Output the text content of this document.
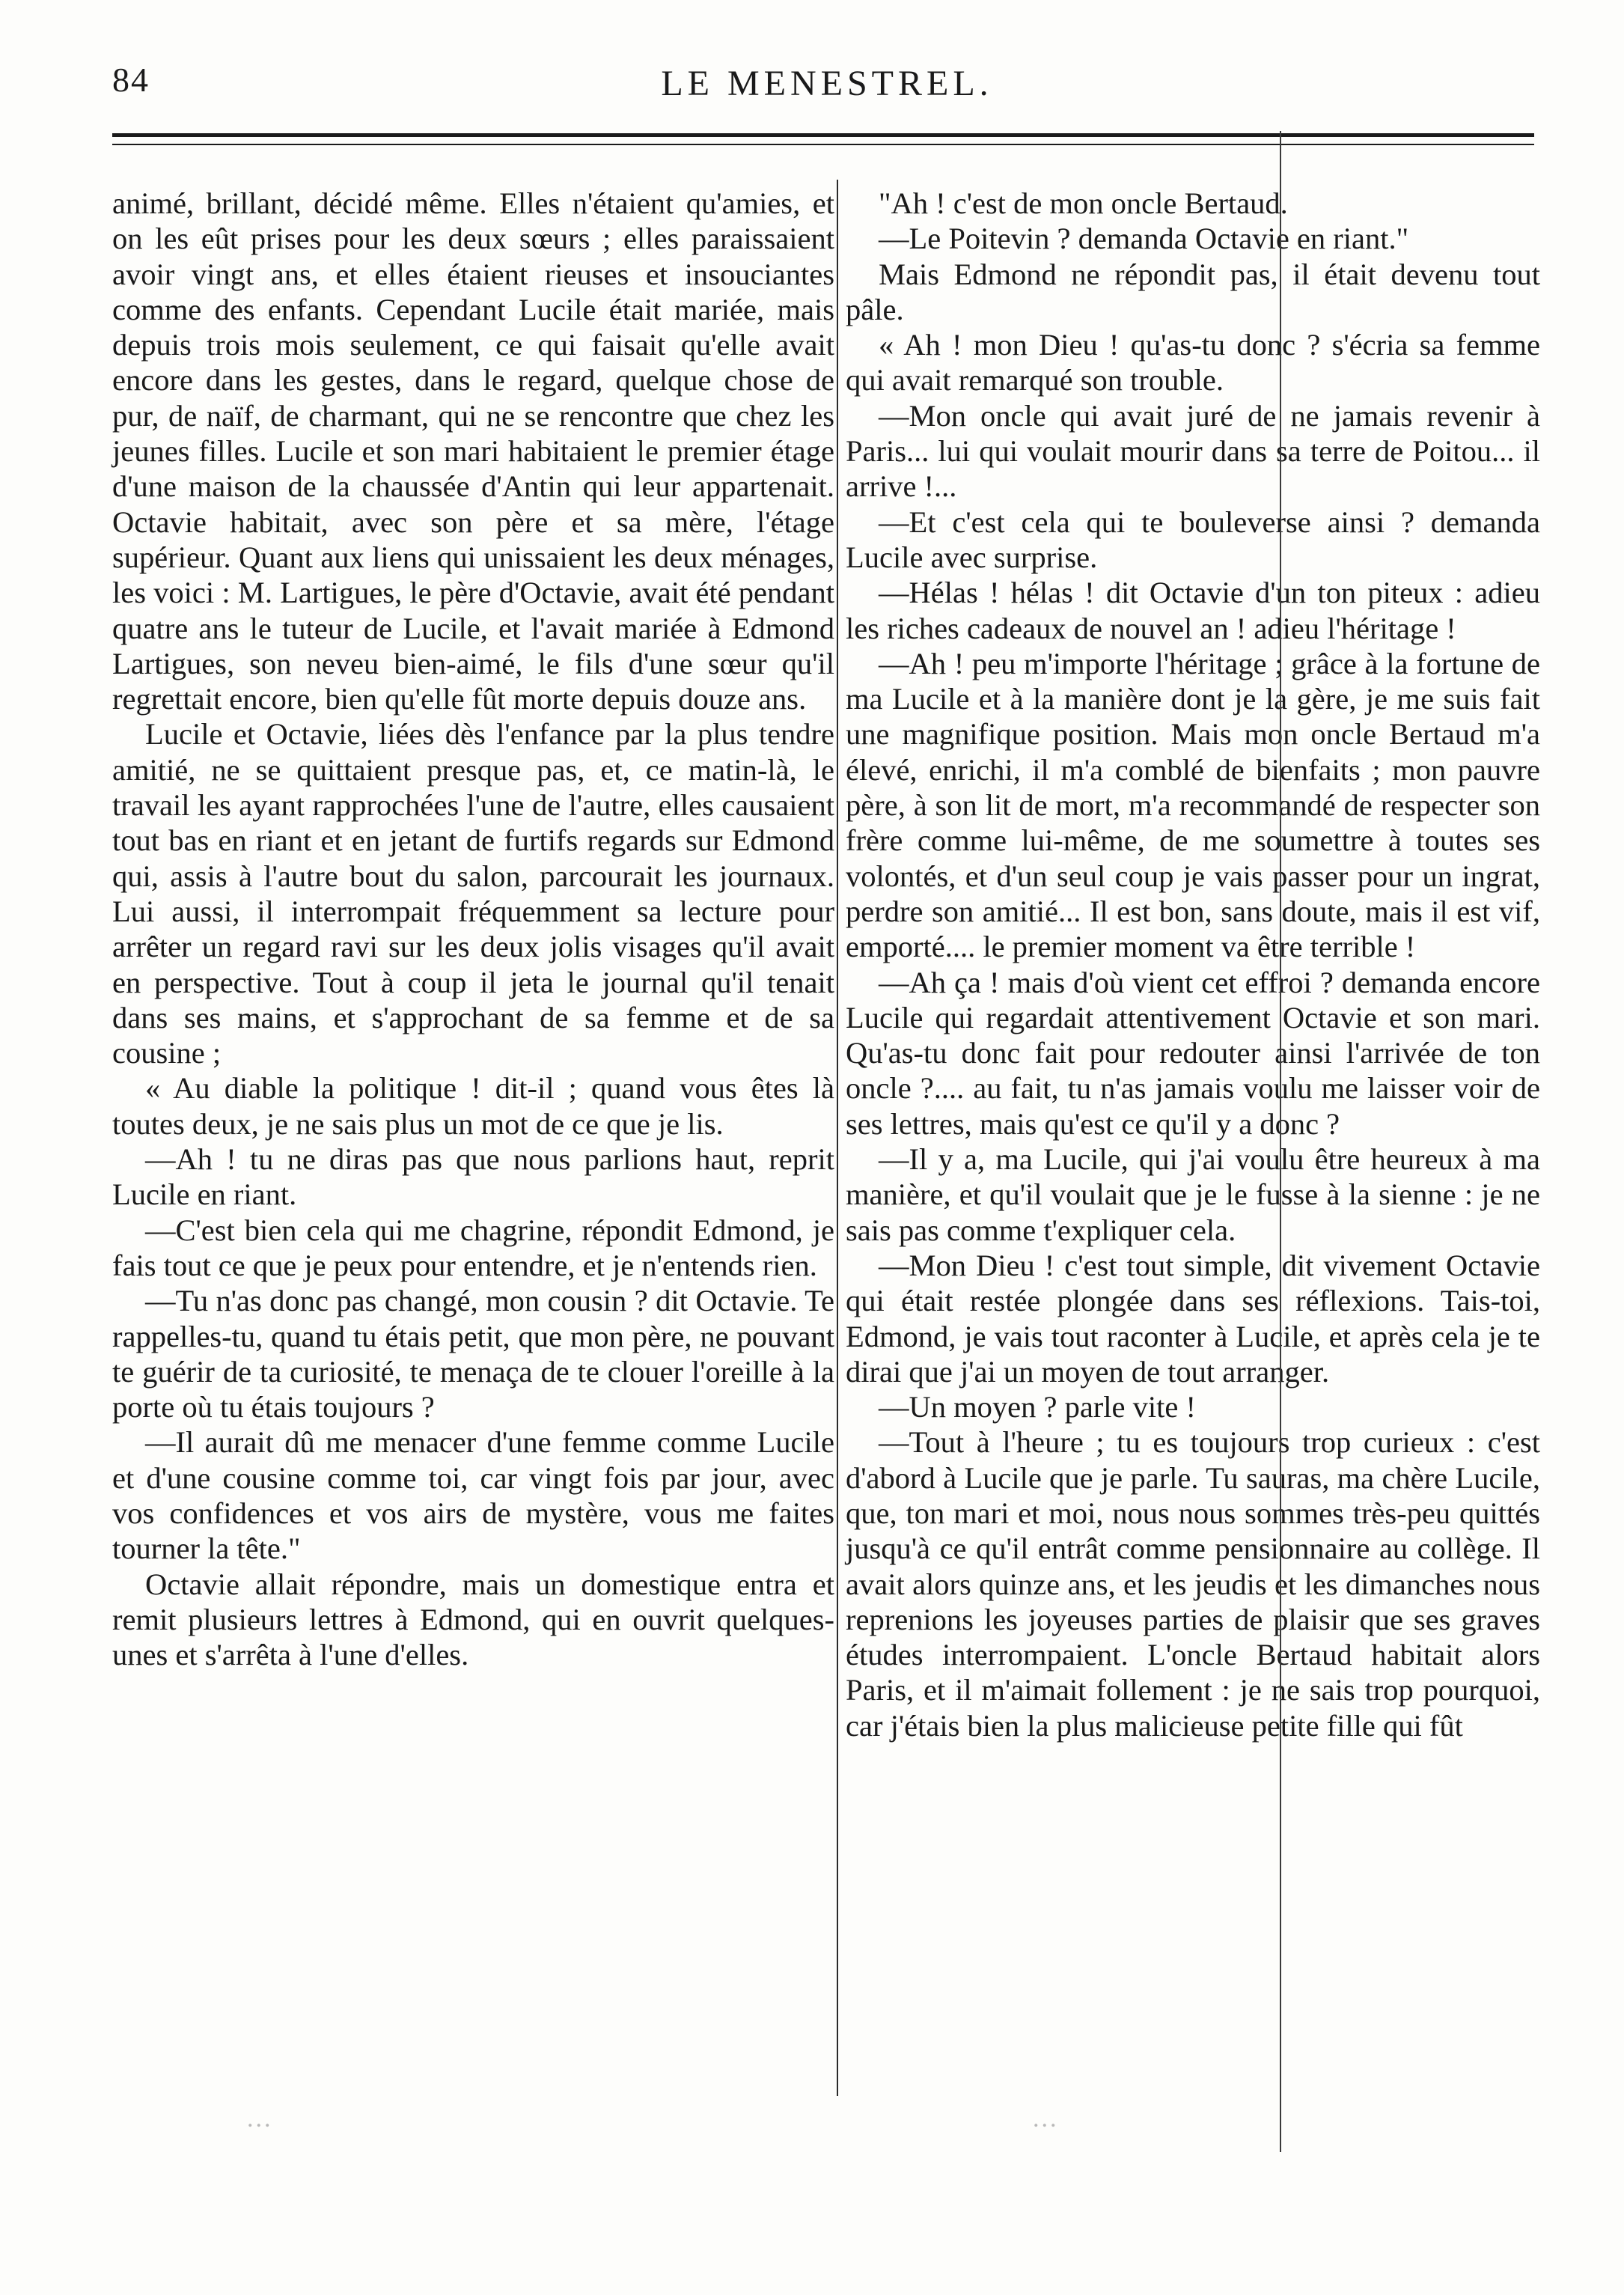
84	LE MENESTREL.

animé, brillant, décidé même. Elles n'étaient qu'amies, et on les eût prises pour les deux sœurs ; elles paraissaient avoir vingt ans, et elles étaient rieuses et insouciantes comme des enfants. Cependant Lucile était mariée, mais depuis trois mois seulement, ce qui faisait qu'elle avait encore dans les gestes, dans le regard, quelque chose de pur, de naïf, de charmant, qui ne se rencontre que chez les jeunes filles. Lucile et son mari habitaient le premier étage d'une maison de la chaussée d'Antin qui leur appartenait. Octavie habitait, avec son père et sa mère, l'étage supérieur. Quant aux liens qui unissaient les deux ménages, les voici : M. Lartigues, le père d'Octavie, avait été pendant quatre ans le tuteur de Lucile, et l'avait mariée à Edmond Lartigues, son neveu bien-aimé, le fils d'une sœur qu'il regrettait encore, bien qu'elle fût morte depuis douze ans.

Lucile et Octavie, liées dès l'enfance par la plus tendre amitié, ne se quittaient presque pas, et, ce matin-là, le travail les ayant rapprochées l'une de l'autre, elles causaient tout bas en riant et en jetant de furtifs regards sur Edmond qui, assis à l'autre bout du salon, parcourait les journaux. Lui aussi, il interrompait fréquemment sa lecture pour arrêter un regard ravi sur les deux jolis visages qu'il avait en perspective. Tout à coup il jeta le journal qu'il tenait dans ses mains, et s'approchant de sa femme et de sa cousine ;

« Au diable la politique ! dit-il ; quand vous êtes là toutes deux, je ne sais plus un mot de ce que je lis.

—Ah ! tu ne diras pas que nous parlions haut, reprit Lucile en riant.

—C'est bien cela qui me chagrine, répondit Edmond, je fais tout ce que je peux pour entendre, et je n'entends rien.

—Tu n'as donc pas changé, mon cousin ? dit Octavie. Te rappelles-tu, quand tu étais petit, que mon père, ne pouvant te guérir de ta curiosité, te menaça de te clouer l'oreille à la porte où tu étais toujours ?

—Il aurait dû me menacer d'une femme comme Lucile et d'une cousine comme toi, car vingt fois par jour, avec vos confidences et vos airs de mystère, vous me faites tourner la tête."

Octavie allait répondre, mais un domestique entra et remit plusieurs lettres à Edmond, qui en ouvrit quelques-unes et s'arrêta à l'une d'elles.

"Ah ! c'est de mon oncle Bertaud.

—Le Poitevin ? demanda Octavie en riant."

Mais Edmond ne répondit pas, il était devenu tout pâle.

« Ah ! mon Dieu ! qu'as-tu donc ? s'écria sa femme qui avait remarqué son trouble.

—Mon oncle qui avait juré de ne jamais revenir à Paris... lui qui voulait mourir dans sa terre de Poitou... il arrive !...

—Et c'est cela qui te bouleverse ainsi ? demanda Lucile avec surprise.

—Hélas ! hélas ! dit Octavie d'un ton piteux : adieu les riches cadeaux de nouvel an ! adieu l'héritage !

—Ah ! peu m'importe l'héritage ; grâce à la fortune de ma Lucile et à la manière dont je la gère, je me suis fait une magnifique position. Mais mon oncle Bertaud m'a élevé, enrichi, il m'a comblé de bienfaits ; mon pauvre père, à son lit de mort, m'a recommandé de respecter son frère comme lui-même, de me soumettre à toutes ses volontés, et d'un seul coup je vais passer pour un ingrat, perdre son amitié... Il est bon, sans doute, mais il est vif, emporté.... le premier moment va être terrible !

—Ah ça ! mais d'où vient cet effroi ? demanda encore Lucile qui regardait attentivement Octavie et son mari. Qu'as-tu donc fait pour redouter ainsi l'arrivée de ton oncle ?.... au fait, tu n'as jamais voulu me laisser voir de ses lettres, mais qu'est ce qu'il y a donc ?

—Il y a, ma Lucile, qui j'ai voulu être heureux à ma manière, et qu'il voulait que je le fusse à la sienne : je ne sais pas comme t'expliquer cela.

—Mon Dieu ! c'est tout simple, dit vivement Octavie qui était restée plongée dans ses réflexions. Tais-toi, Edmond, je vais tout raconter à Lucile, et après cela je te dirai que j'ai un moyen de tout arranger.

—Un moyen ? parle vite !

—Tout à l'heure ; tu es toujours trop curieux : c'est d'abord à Lucile que je parle. Tu sauras, ma chère Lucile, que, ton mari et moi, nous nous sommes très-peu quittés jusqu'à ce qu'il entrât comme pensionnaire au collège. Il avait alors quinze ans, et les jeudis et les dimanches nous reprenions les joyeuses parties de plaisir que ses graves études interrompaient. L'oncle Bertaud habitait alors Paris, et il m'aimait follement : je ne sais trop pourquoi, car j'étais bien la plus malicieuse petite fille qui fût

...	...
